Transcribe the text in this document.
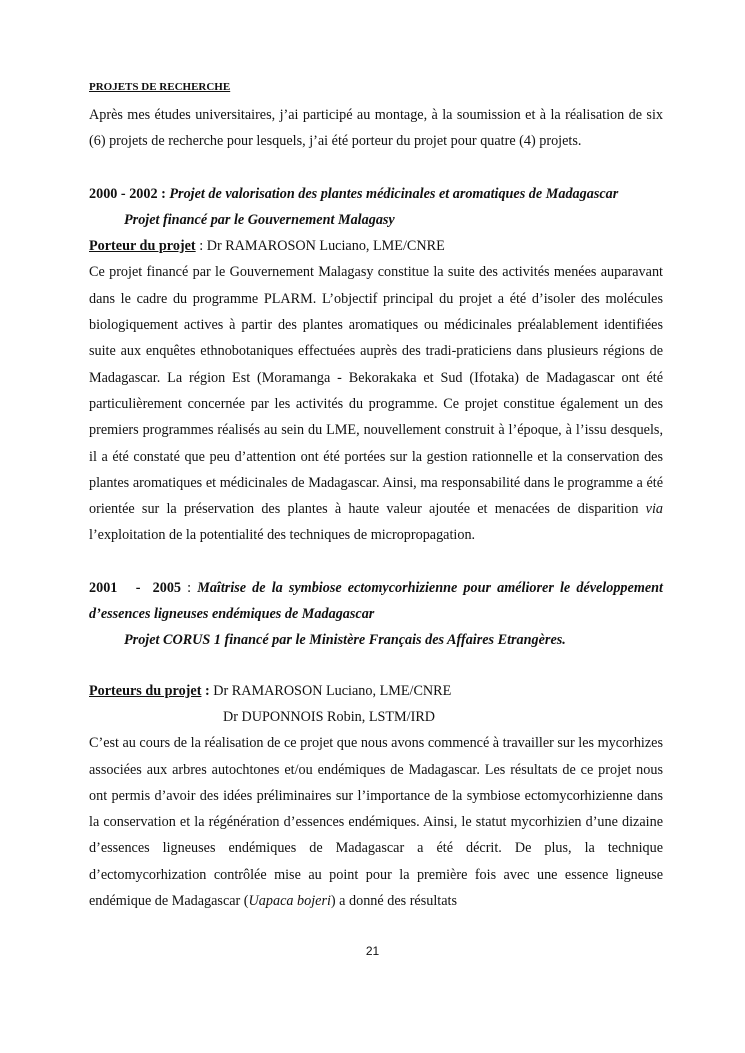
PROJETS DE RECHERCHE

Après mes études universitaires, j’ai participé au montage, à la soumission et à la réalisation de six (6) projets de recherche pour lesquels, j’ai été porteur du projet pour quatre (4) projets.

2000 - 2002 : Projet de valorisation des plantes médicinales et aromatiques de Madagascar

Projet financé par le Gouvernement Malagasy

Porteur du projet : Dr RAMAROSON Luciano, LME/CNRE

Ce projet financé par le Gouvernement Malagasy constitue la suite des activités menées auparavant dans le cadre du programme PLARM. L’objectif principal du projet a été d’isoler des molécules biologiquement actives à partir des plantes aromatiques ou médicinales préalablement identifiées suite aux enquêtes ethnobotaniques effectuées auprès des tradi-praticiens dans plusieurs régions de Madagascar. La région Est (Moramanga - Bekorakaka et Sud (Ifotaka) de Madagascar ont été particulièrement concernée par les activités du programme. Ce projet constitue également un des premiers programmes réalisés au sein du LME, nouvellement construit à l’époque, à l’issu desquels, il a été constaté que peu d’attention ont été portées sur la gestion rationnelle et la conservation des plantes aromatiques et médicinales de Madagascar. Ainsi, ma responsabilité dans le programme a été orientée sur la préservation des plantes à haute valeur ajoutée et menacées de disparition via l’exploitation de la potentialité des techniques de micropropagation.

2001   -  2005 : Maîtrise de la symbiose ectomycorhizienne pour améliorer le développement d’essences ligneuses endémiques de Madagascar

Projet CORUS 1 financé par le Ministère Français des Affaires Etrangères.

Porteurs du projet : Dr RAMAROSON Luciano, LME/CNRE

Dr DUPONNOIS Robin, LSTM/IRD

C’est au cours de la réalisation de ce projet que nous avons commencé à travailler sur les mycorhizes associées aux arbres autochtones et/ou endémiques de Madagascar. Les résultats de ce projet nous ont permis d’avoir des idées préliminaires sur l’importance de la symbiose ectomycorhizienne dans la conservation et la régénération d’essences endémiques. Ainsi, le statut mycorhizien d’une dizaine d’essences ligneuses endémiques de Madagascar a été décrit. De plus, la technique d’ectomycorhization contrôlée mise au point pour la première fois avec une essence ligneuse endémique de Madagascar (Uapaca bojeri) a donné des résultats

21
